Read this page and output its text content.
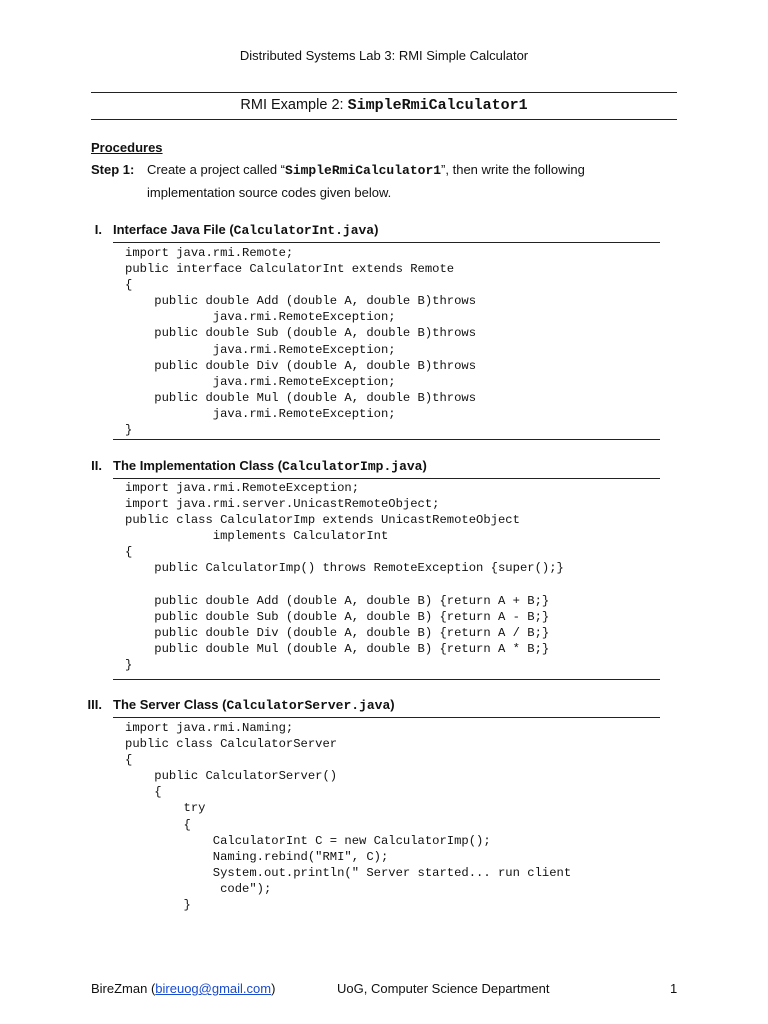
Distributed Systems Lab 3: RMI Simple Calculator
RMI Example 2: SimpleRmiCalculator1
Procedures
Step 1: Create a project called “SimpleRmiCalculator1”, then write the following
implementation source codes given below.
I. Interface Java File (CalculatorInt.java)
import java.rmi.Remote;
public interface CalculatorInt extends Remote
{
public double Add (double A, double B)throws
java.rmi.RemoteException;
public double Sub (double A, double B)throws
java.rmi.RemoteException;
public double Div (double A, double B)throws
java.rmi.RemoteException;
public double Mul (double A, double B)throws
java.rmi.RemoteException;
}
II. The Implementation Class (CalculatorImp.java)
import java.rmi.RemoteException;
import java.rmi.server.UnicastRemoteObject;
public class CalculatorImp extends UnicastRemoteObject
implements CalculatorInt
{
public CalculatorImp() throws RemoteException {super();}

public double Add (double A, double B) {return A + B;}
public double Sub (double A, double B) {return A - B;}
public double Div (double A, double B) {return A / B;}
public double Mul (double A, double B) {return A * B;}
}
III. The Server Class (CalculatorServer.java)
import java.rmi.Naming;
public class CalculatorServer
{
public CalculatorServer()
{
try
{
CalculatorInt C = new CalculatorImp();
Naming.rebind("RMI", C);
System.out.println(" Server started... run client
code");
}
BireZman (bireuog@gmail.com)	UoG, Computer Science Department	1
